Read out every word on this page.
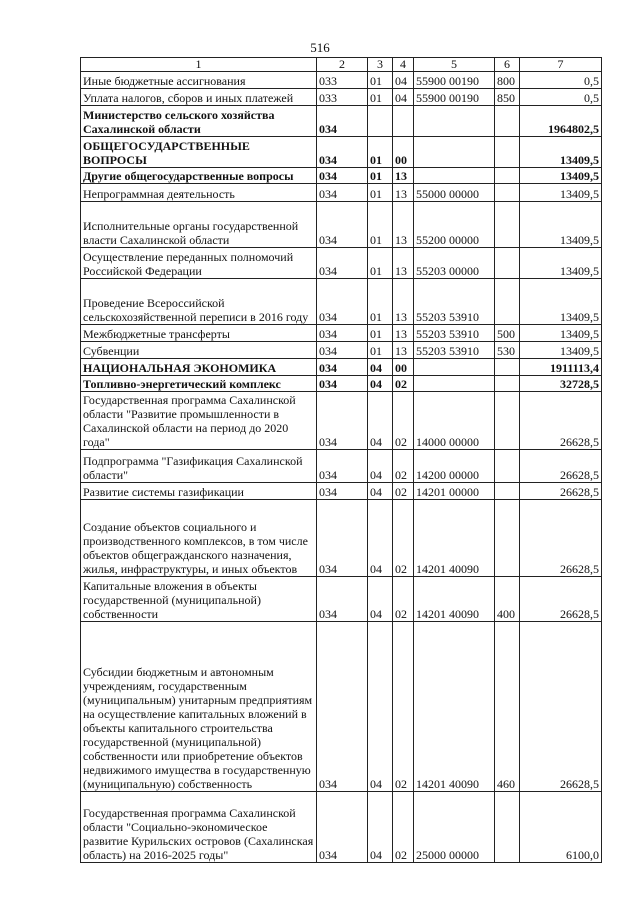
516
1	2	3	4	5	6	7
Иные бюджетные ассигнования	033	01	04	55900 00190	800	0,5
Уплата налогов, сборов и иных платежей	033	01	04	55900 00190	850	0,5
Министерство сельского хозяйства Сахалинской области	034					1964802,5
ОБЩЕГОСУДАРСТВЕННЫЕ ВОПРОСЫ	034	01	00			13409,5
Другие общегосударственные вопросы	034	01	13			13409,5
Непрограммная деятельность	034	01	13	55000 00000		13409,5
Исполнительные органы государственной власти Сахалинской области	034	01	13	55200 00000		13409,5
Осуществление переданных полномочий Российской Федерации	034	01	13	55203 00000		13409,5
Проведение Всероссийской сельскохозяйственной переписи в 2016 году	034	01	13	55203 53910		13409,5
Межбюджетные трансферты	034	01	13	55203 53910	500	13409,5
Субвенции	034	01	13	55203 53910	530	13409,5
НАЦИОНАЛЬНАЯ ЭКОНОМИКА	034	04	00			1911113,4
Топливно-энергетический комплекс	034	04	02			32728,5
Государственная программа Сахалинской области "Развитие промышленности в Сахалинской области на период до 2020 года"	034	04	02	14000 00000		26628,5
Подпрограмма "Газификация Сахалинской области"	034	04	02	14200 00000		26628,5
Развитие системы газификации	034	04	02	14201 00000		26628,5
Создание объектов социального и производственного комплексов, в том числе объектов общегражданского назначения, жилья, инфраструктуры, и иных объектов	034	04	02	14201 40090		26628,5
Капитальные вложения в объекты государственной (муниципальной) собственности	034	04	02	14201 40090	400	26628,5
Субсидии бюджетным и автономным учреждениям, государственным (муниципальным) унитарным предприятиям на осуществление капитальных вложений в объекты капитального строительства государственной (муниципальной) собственности или приобретение объектов недвижимого имущества в государственную (муниципальную) собственность	034	04	02	14201 40090	460	26628,5
Государственная программа Сахалинской области "Социально-экономическое развитие Курильских островов (Сахалинская область) на 2016-2025 годы"	034	04	02	25000 00000		6100,0
